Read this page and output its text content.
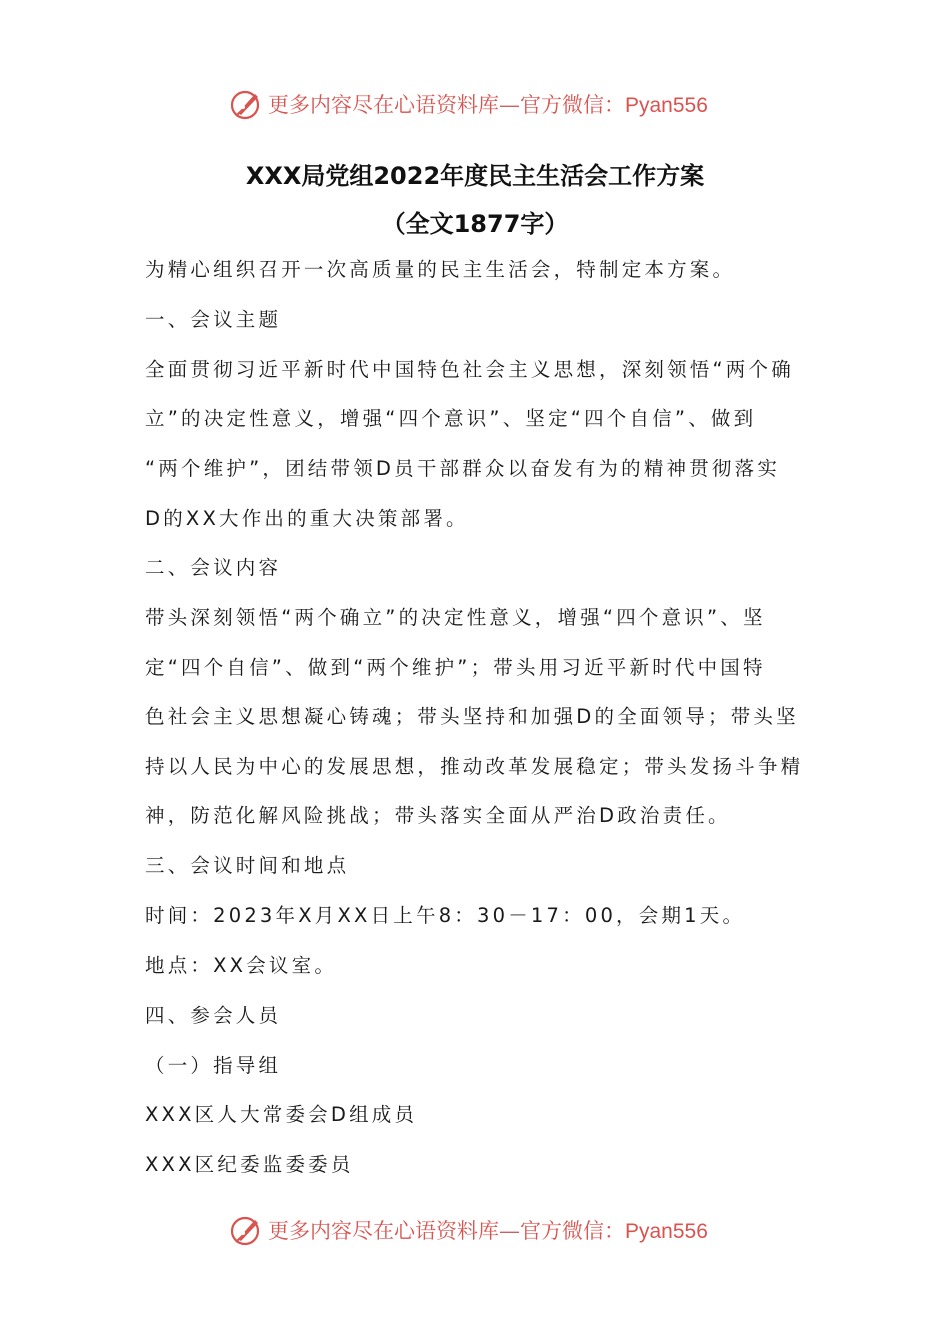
更多内容尽在心语资料库—官方微信：Pyan556
XXX局党组2022年度民主生活会工作方案
（全文1877字）
为精心组织召开一次高质量的民主生活会，特制定本方案。
一、会议主题
全面贯彻习近平新时代中国特色社会主义思想，深刻领悟“两个确
立”的决定性意义，增强“四个意识”、坚定“四个自信”、做到
“两个维护”，团结带领D员干部群众以奋发有为的精神贯彻落实
D的XX大作出的重大决策部署。
二、会议内容
带头深刻领悟“两个确立”的决定性意义，增强“四个意识”、坚
定“四个自信”、做到“两个维护”；带头用习近平新时代中国特
色社会主义思想凝心铸魂；带头坚持和加强D的全面领导；带头坚
持以人民为中心的发展思想，推动改革发展稳定；带头发扬斗争精
神，防范化解风险挑战；带头落实全面从严治D政治责任。
三、会议时间和地点
时间：2023年X月XX日上午8：30－17：00，会期1天。
地点：XX会议室。
四、参会人员
（一）指导组
XXX区人大常委会D组成员
XXX区纪委监委委员
更多内容尽在心语资料库—官方微信：Pyan556
